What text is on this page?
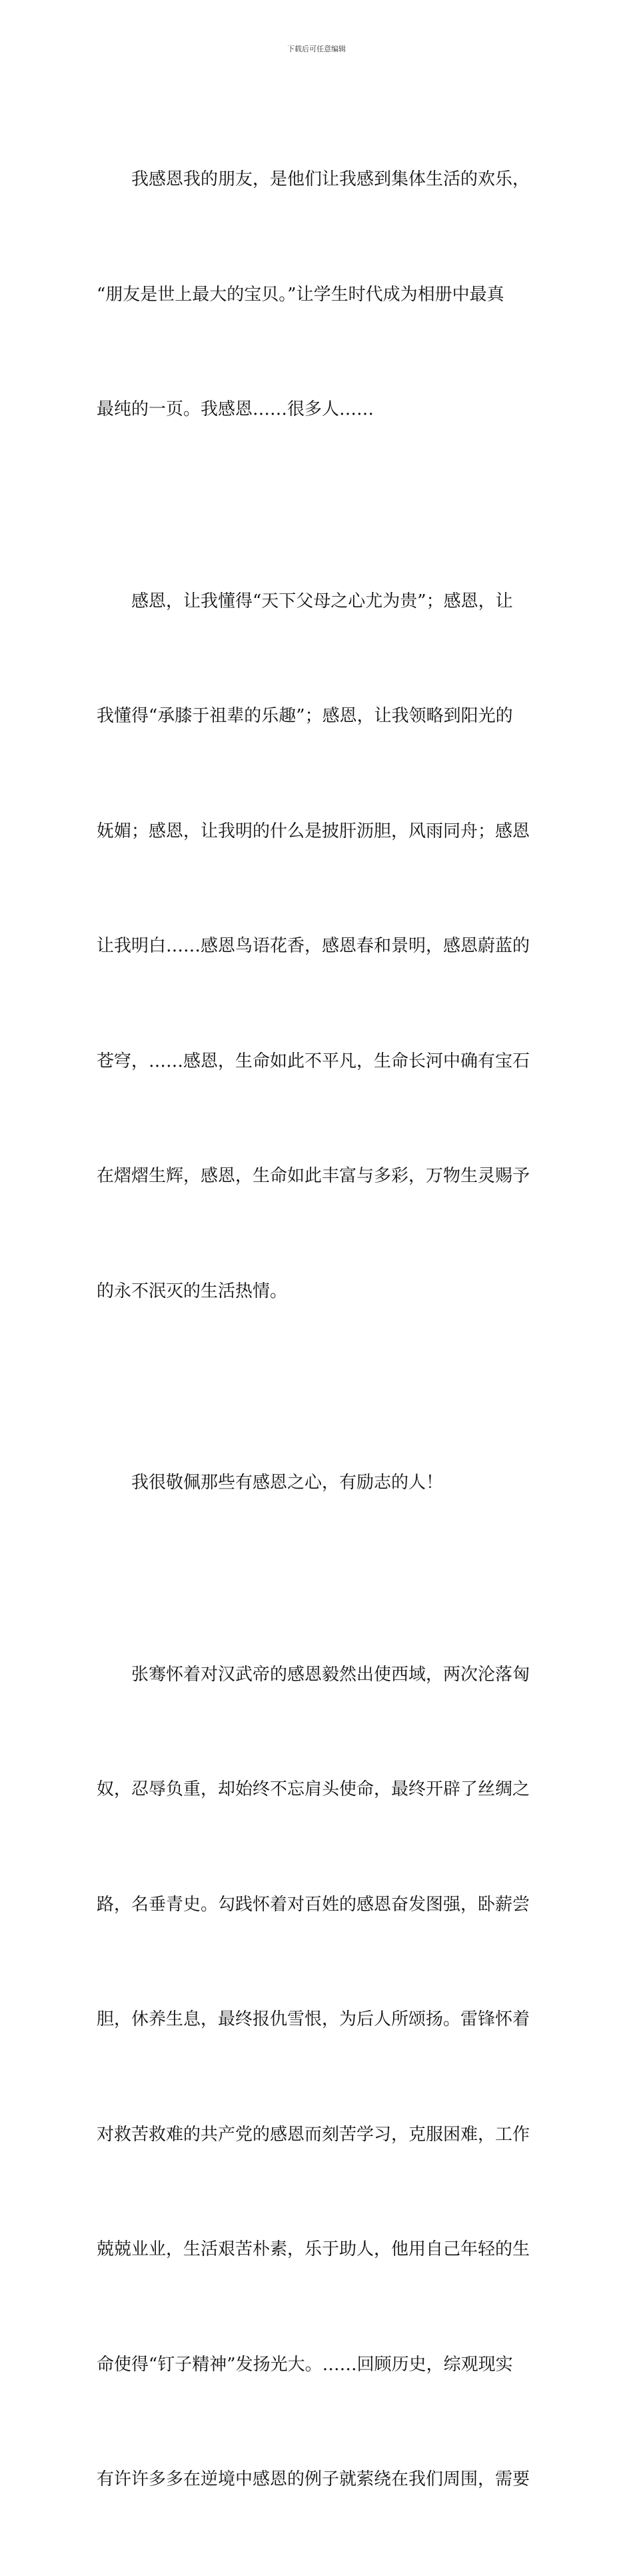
下载后可任意编辑

我感恩我的朋友，是他们让我感到集体生活的欢乐，

“朋友是世上最大的宝贝。”让学生时代成为相册中最真

最纯的一页。我感恩……很多人……

感恩，让我懂得“天下父母之心尤为贵”；感恩，让

我懂得“承膝于祖辈的乐趣”；感恩，让我领略到阳光的

妩媚；感恩，让我明的什么是披肝沥胆，风雨同舟；感恩

让我明白……感恩鸟语花香，感恩春和景明，感恩蔚蓝的

苍穹，……感恩，生命如此不平凡，生命长河中确有宝石

在熠熠生辉，感恩，生命如此丰富与多彩，万物生灵赐予

的永不泯灭的生活热情。

我很敬佩那些有感恩之心，有励志的人！

张骞怀着对汉武帝的感恩毅然出使西域，两次沦落匈

奴，忍辱负重，却始终不忘肩头使命，最终开辟了丝绸之

路，名垂青史。勾践怀着对百姓的感恩奋发图强，卧薪尝

胆，休养生息，最终报仇雪恨，为后人所颂扬。雷锋怀着

对救苦救难的共产党的感恩而刻苦学习，克服困难，工作

兢兢业业，生活艰苦朴素，乐于助人，他用自己年轻的生

命使得“钉子精神”发扬光大。……回顾历史，综观现实

有许许多多在逆境中感恩的例子就萦绕在我们周围，需要
